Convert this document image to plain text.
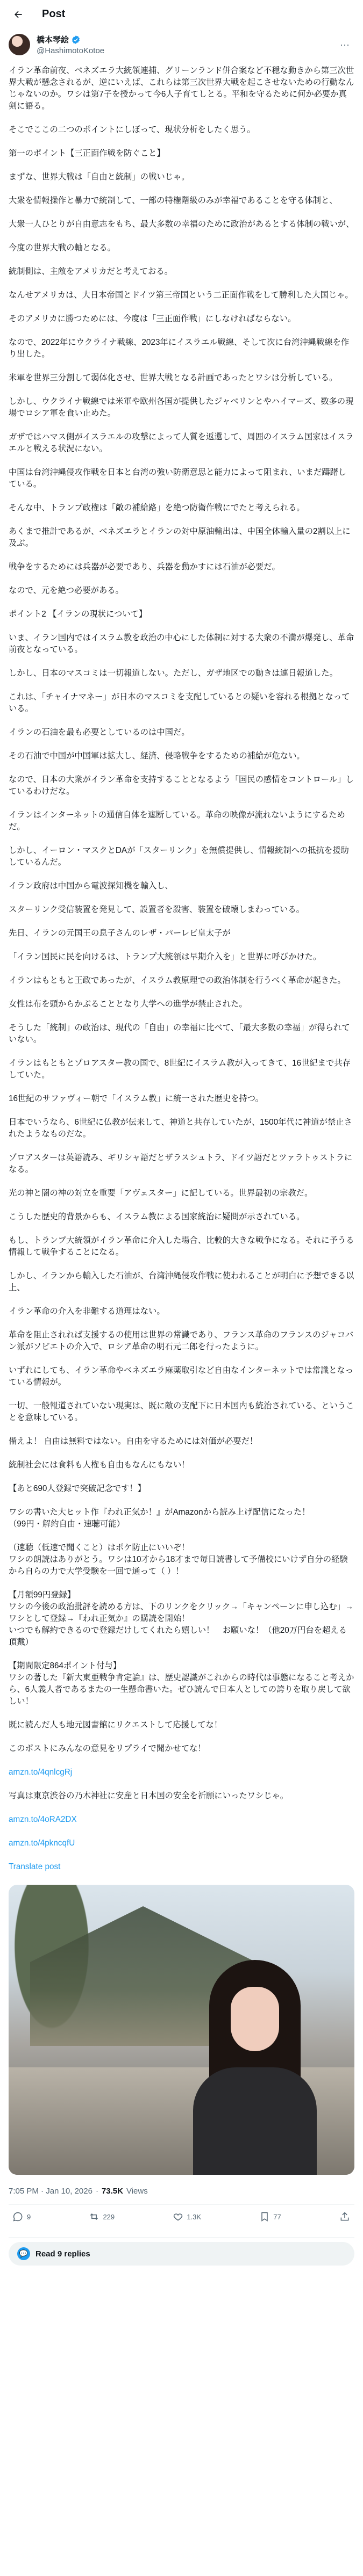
Post
橋本琴絵
@HashimotoKotoe
···

イラン革命前夜、ベネズエラ大統領連捕、グリーンランド併合案など不穏な動きから第三次世界大戦が懸念されるが、逆にいえば、これらは第三次世界大戦を起こさせないための行動なんじゃないのか。ワシは第7子を授かって今6人子育てしとる。平和を守るために何か必要か真剣に語る。

そこでここの二つのポイントにしぼって、現状分析をしたく思う。

第一のポイント【三正面作戦を防ぐこと】

まずな、世界大戦は「自由と統制」の戦いじゃ。

大衆を情報操作と暴力で統制して、一部の特権階級のみが幸福であることを守る体制と、

大衆一人ひとりが自由意志をもち、最大多数の幸福のために政治があるとする体制の戦いが、

今度の世界大戦の軸となる。

統制側は、主敵をアメリカだと考えておる。

なんせアメリカは、大日本帝国とドイツ第三帝国という二正面作戦をして勝利した大国じゃ。

そのアメリカに勝つためには、今度は「三正面作戦」にしなければならない。

なので、2022年にウクライナ戦線、2023年にイスラエル戦線、そして次に台湾沖縄戦線を作り出した。

米軍を世界三分割して弱体化させ、世界大戦となる計画であったとワシは分析している。

しかし、ウクライナ戦線では米軍や欧州各国が提供したジャベリンとやハイマーズ、数多の現場でロシア軍を食い止めた。

ガザではハマス側がイスラエルの攻撃によって人質を返還して、周囲のイスラム国家はイスラエルと戦える状況にない。

中国は台湾沖縄侵攻作戦を日本と台湾の強い防衛意思と能力によって阻まれ、いまだ躊躇している。

そんな中、トランプ政権は「敵の補給路」を絶つ防衛作戦にでたと考えられる。

あくまで推計であるが、ベネズエラとイランの対中原油輸出は、中国全体輸入量の2割以上に及ぶ。

戦争をするためには兵器が必要であり、兵器を動かすには石油が必要だ。

なので、元を絶つ必要がある。

ポイント2 【イランの現状について】

いま、イラン国内ではイスラム教を政治の中心にした体制に対する大衆の不満が爆発し、革命前夜となっている。

しかし、日本のマスコミは一切報道しない。ただし、ガザ地区での動きは連日報道した。

これは、「チャイナマネー」が日本のマスコミを支配しているとの疑いを容れる根拠となっている。

イランの石油を最も必要としているのは中国だ。

その石油で中国が中国軍は拡大し、経済、侵略戦争をするための補給が危ない。

なので、日本の大衆がイラン革命を支持することとなるよう「国民の感情をコントロール」しているわけだな。

イランはインターネットの通信自体を遮断している。革命の映像が流れないようにするためだ。

しかし、イーロン・マスクとDAが「スターリンク」を無償提供し、情報統制への抵抗を援助しているんだ。

イラン政府は中国から電波探知機を輸入し、

スターリンク受信装置を発見して、設置者を殺害、装置を破壊しまわっている。

先日、イランの元国王の息子さんのレザ・パーレビ皇太子が

「イラン国民に民を向けるは、トランプ大統領は早期介入を」と世界に呼びかけた。

イランはもともと王政であったが、イスラム教原理での政治体制を行うべく革命が起きた。

女性は布を頭からかぶることとなり大学への進学が禁止された。

そうした「統制」の政治は、現代の「自由」の幸福に比べて、「最大多数の幸福」が得られていない。

イランはもともとゾロアスター教の国で、8世紀にイスラム教が入ってきて、16世紀まで共存していた。

16世紀のサファヴィー朝で「イスラム教」に統一された歴史を持つ。

日本でいうなら、6世紀に仏教が伝来して、神道と共存していたが、1500年代に神道が禁止されたようなものだな。

ゾロアスターは英語読み、ギリシャ語だとザラスシュトラ、ドイツ語だとツァラトゥストラになる。

光の神と闇の神の対立を重要「アヴェスター」に記している。世界最初の宗教だ。

こうした歴史的背景からも、イスラム教による国家統治に疑問が示されている。

もし、トランプ大統領がイラン革命に介入した場合、比較的大きな戦争になる。それに予うる情報して戦争することになる。

しかし、イランから輸入した石油が、台湾沖縄侵攻作戦に使われることが明白に予想できる以上、

イラン革命の介入を非難する道理はない。

革命を阻止されれば支援するの使用は世界の常識であり、フランス革命のフランスのジャコバン派がソビエトの介入で、ロシア革命の明石元二郎を行ったように。

いずれにしても、イラン革命やベネズエラ麻薬取引など自由なインターネットでは常識となっている情報が。

一切、一般報道されていない現実は、既に敵の支配下に日本国内も統治されている、ということを意味している。

備えよ！ 自由は無料ではない。自由を守るためには対価が必要だ！

統制社会には食料も人権も自由もなんにもない！

【あと690人登録で突破記念です！】

ワシの書いた大ヒット作『われ正気か！』がAmazonから読み上げ配信になった！
（99円・解約自由・速聴可能）

（速聴（低速で聞くこと）はポケ防止にいいぞ！
ワシの朗読はありがとう。ワシは10才から18才まで毎日読書して予備校にいけず自分の経験から自らの力で大学受験を一回で通って（ ）！

【月額99円登録】
ワシの今後の政治批評を読める方は、下のリンクをクリック→「キャンペーンに申し込む」→ワシとして登録→『われ正気か』の購読を開始！
いつでも解約できるので登録だけしてくれたら嬉しい！　お願いな！（他20万円台を超える頂戴）

【期間限定864ポイント付与】
ワシの著した『新大東亜戦争肯定論』は、歴史認識がこれからの時代は事態になること考えから、6人義人者であるまたの一生懸命書いた。ぜひ読んで日本人としての誇りを取り戻して欲しい！

既に読んだ人も地元図書館にリクエストして応援してな！

このポストにみんなの意見をリプライで聞かせてな！

amzn.to/4qnlcgRj

写真は東京渋谷の乃木神社に安産と日本国の安全を祈願にいったワシじゃ。

amzn.to/4oRA2DX

amzn.to/4pkncqfU

Translate post

7:05 PM · Jan 10, 2026 · 73.5K Views
9	229	1.3K	77
💬 Read 9 replies
